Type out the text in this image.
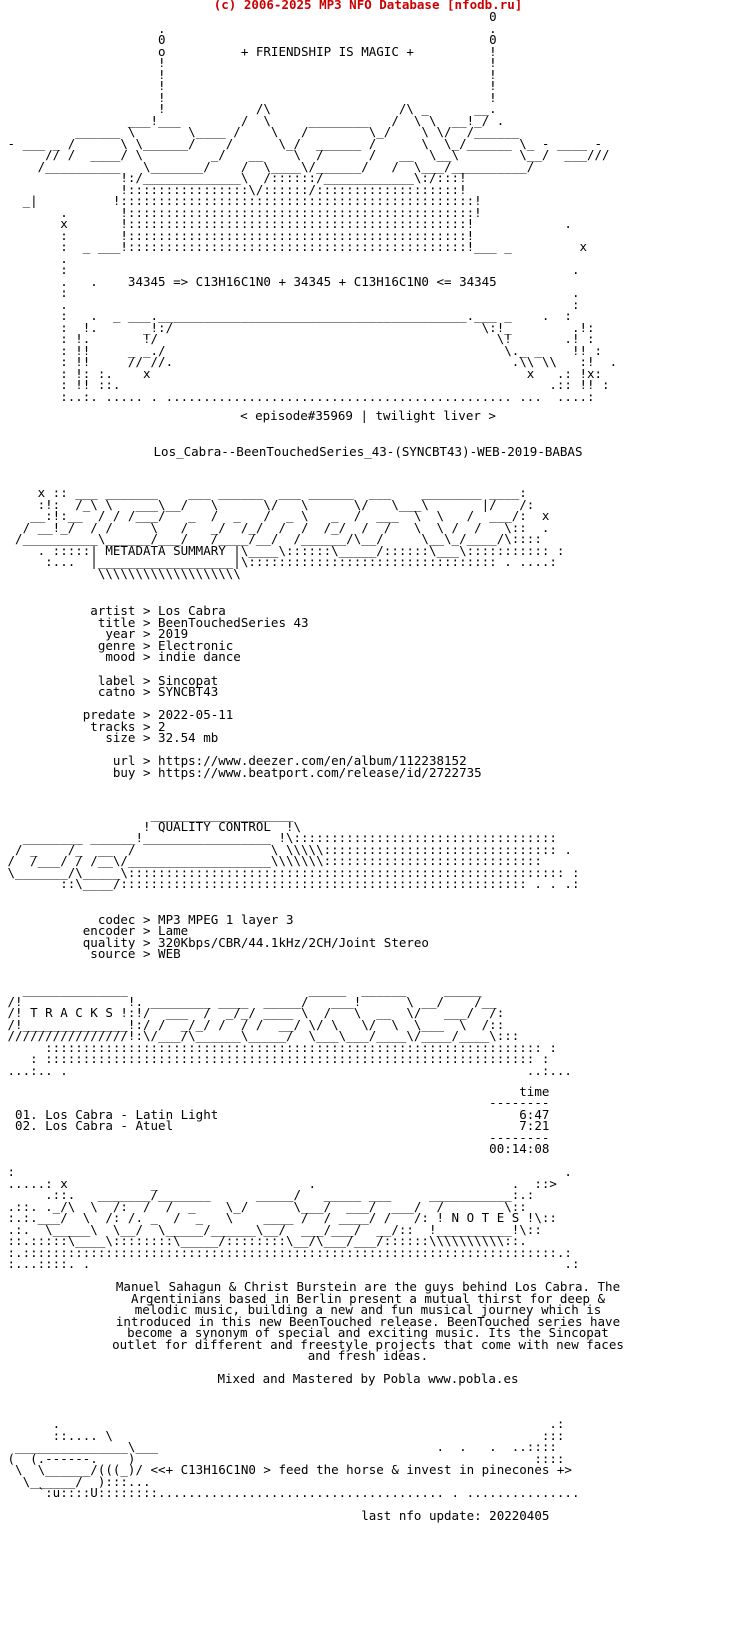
(c) 2006-2025 MP3 NFO Database [nfodb.ru]
0
.                                           .
0                                           0
o          + FRIENDSHIP IS MAGIC +          !
!                                           !
!                                           !
!                                           !
!                                           !
!            /\                 /\ _      __.
___!___        /  \     ________   /  \ \  __!_/ .
______ \       \____ /    \   /        \_/    \ \/  /______
- ___ _ /      \ \______/    /      \_/  ______ /      \  \_/______ \_ - ____ -
// /  ____/ \         _/   __    \  /      /   __  \__\        \__/  ___///
/__________   \_______/    /  \____\/______/   /  \___/__________/
!:/_____________\  /::::::/____________\:/:::!
!::::::::::::::::\/::::::/:::::::::::::::::::!
_|          !:::::::::::::::::::::::::::::::::::::::::::::::!
.       !::::::::::::::::::::::::::::::::::::::::::::::!
x       !:::::::::::::::::::::::::::::::::::::::::::::!            .
:       !:::::::::::::::::::::::::::::::::::::::::::::!
:  _ ___!:::::::::::::::::::::::::::::::::::::::::::::!___ _         x
.
:                                                                   .
.   .    34345 => C13H16C1N0 + 34345 + C13H16C1N0 <= 34345
:                                                                   .
.                                                                   :
:   .  _ ___._________________________________________.___ _    .  :
:  !.      _!:/                                         \:!_        .!:
: !.       !/                                             \!       .! :
: !!     _ _./                                             \._ _    !! :
: !!     // //.                                             .\\ \\   :!  .
: !: :.    x                                                  x   .: !x:
: !! ::.                                                         .:: !! :
:..:. ..... . .............................................. ...  ....:
< episode#35969 | twilight liver >
Los_Cabra--BeenTouchedSeries_43-(SYNCBT43)-WEB-2019-BABAS
x :: ___ _______    ___ ______  ___ ______  ___    ________ ____:
:!:  /_\ \   ___\__/   \      \/   \      \/   \___\       |/   /:
__:!:__  / / /___/   _  /  _   /  _ \   _  /  ___  \  \   /  ___/:  x
/ __!_/  / /     \   /   _/  /_/  /  /  /_/  /  /   \  \ /  /   \::  .
/__________\______/___/   /____/__/  /______/\__/     \__\_/____/\::::
. :::::| METADATA SUMMARY |\____\::::::\_____/::::::\___\::::::::::: :
:...  |__________________|\::::::::::::::::::::::::::::::::: . ....:
\\\\\\\\\\\\\\\\\\\
artist > Los Cabra
title > BeenTouchedSeries 43
year > 2019
genre > Electronic
mood > indie dance
label > Sincopat
catno > SYNCBT43
predate > 2022-05-11
tracks > 2
size > 32.54 mb
url > https://www.deezer.com/en/album/112238152
buy > https://www.beatport.com/release/id/2722735
___________________
! QUALITY CONTROL  !\
________ ______!_________________ !\:::::::::::::::::::::::::::::::::::
/ _    /_  __  /                  \ \\\\\::::::::::::::::::::::::::::::: .
/  /___/ / /__\/___________________\\\\\\\:::::::::::::::::::::::::::::
\_______/\_____\:::::::::::::::::::::::::::::::::::::::::::::::::::::::::: :
::\____/:::::::::::::::::::::::::::::::::::::::::::::::::::::: . . .:
codec > MP3 MPEG 1 layer 3
encoder > Lame
quality > 320Kbps/CBR/44.1kHz/2CH/Joint Stereo
source > WEB
______________                        _____  ______     _____
/!              !. ________ ____  _____/   ___!      \ __/    /__
/! T R A C K S !:!/  ___  /  _/_/ ____ \  /   \  __  \/   ___/  /:
/!______________!:/ /  _/_/ /  / /  __/ \/ \   \/  \  \___  \  /::
////////////////!:\/___/\______\_____/  \___\___/____\/____/____\:::
:::::::::::::::::::::::::::::::::::::::::::::::::::::::::::::::::: :
: ::::::::::::::::::::::::::::::::::::::::::::::::::::::::::::::::: :
...:.. .                                                             ..:...
time
--------
01. Los Cabra - Latin Light                                        6:47
02. Los Cabra - Atuel                                              7:21
--------
00:14:08
:                                                                         .
.....: x           _                    .                          .  ::>
.::.   _______/_______      _____/   _____ ___     ___________:.:
.::. ._/\  \  /:  /  /  _    \_/      \___/  ___/  ___/  /        \::
:.:.___/  \  /: /. _  /  _   \    ____ /  / ____/ /   /: ! N O T E S !\::
.:.  \_____\  \__/  \_____/______\__/  ___/___/  __/::  !__________!\::
::.:::::\____\::::::::\_____/::::::::\__/\___/___/::::::\\\\\\\\\\::.
:.:::::::::::::::::::::::::::::::::::::::::::::::::::::::::::::::::::::::.:
:...::::. .                                                               .:
Manuel Sahagun & Christ Burstein are the guys behind Los Cabra. The
Argentinians based in Berlin present a mutual thirst for deep &
melodic music, building a new and fun musical journey which is
introduced in this new BeenTouched release. BeenTouched series have
become a synonym of special and exciting music. Its the Sincopat
outlet for different and freestyle projects that come with new faces
and fresh ideas.
Mixed and Mastered by Pobla www.pobla.es
.                                                                 .:
::.... \                                                         :::
_______________\___                                     .  .   .  ..::::
(  (.------.    )                                                     ::::
\  \______/(((_)/ <<+ C13H16C1N0 > feed the horse & invest in pinecones +>
\______/  ):::...
`:u::::U::::::::...................................... . ...............
last nfo update: 20220405
